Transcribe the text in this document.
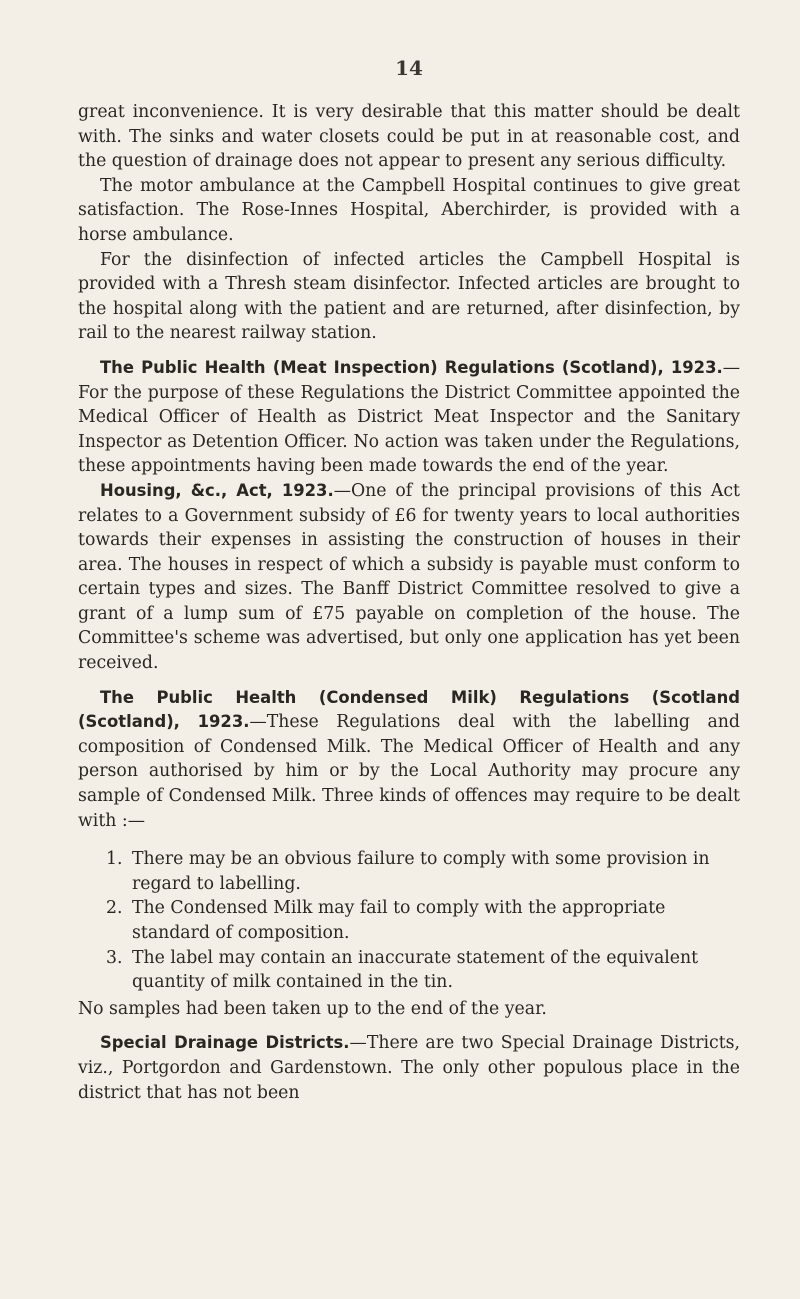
14

great inconvenience. It is very desirable that this matter should be dealt with. The sinks and water closets could be put in at reasonable cost, and the question of drainage does not appear to present any serious difficulty.

The motor ambulance at the Campbell Hospital continues to give great satisfaction. The Rose-Innes Hospital, Aberchirder, is provided with a horse ambulance.

For the disinfection of infected articles the Campbell Hospital is provided with a Thresh steam disinfector. Infected articles are brought to the hospital along with the patient and are returned, after disinfection, by rail to the nearest railway station.

The Public Health (Meat Inspection) Regulations (Scotland), 1923.—For the purpose of these Regulations the District Committee appointed the Medical Officer of Health as District Meat Inspector and the Sanitary Inspector as Detention Officer. No action was taken under the Regulations, these appointments having been made towards the end of the year.

Housing, &c., Act, 1923.—One of the principal provisions of this Act relates to a Government subsidy of £6 for twenty years to local authorities towards their expenses in assisting the construction of houses in their area. The houses in respect of which a subsidy is payable must conform to certain types and sizes. The Banff District Committee resolved to give a grant of a lump sum of £75 payable on completion of the house. The Committee's scheme was advertised, but only one application has yet been received.

The Public Health (Condensed Milk) Regulations (Scotland (Scotland), 1923.—These Regulations deal with the labelling and composition of Condensed Milk. The Medical Officer of Health and any person authorised by him or by the Local Authority may procure any sample of Condensed Milk. Three kinds of offences may require to be dealt with :—

1. There may be an obvious failure to comply with some provision in regard to labelling.
2. The Condensed Milk may fail to comply with the appropriate standard of composition.
3. The label may contain an inaccurate statement of the equivalent quantity of milk contained in the tin.

No samples had been taken up to the end of the year.

Special Drainage Districts.—There are two Special Drainage Districts, viz., Portgordon and Gardenstown. The only other populous place in the district that has not been
